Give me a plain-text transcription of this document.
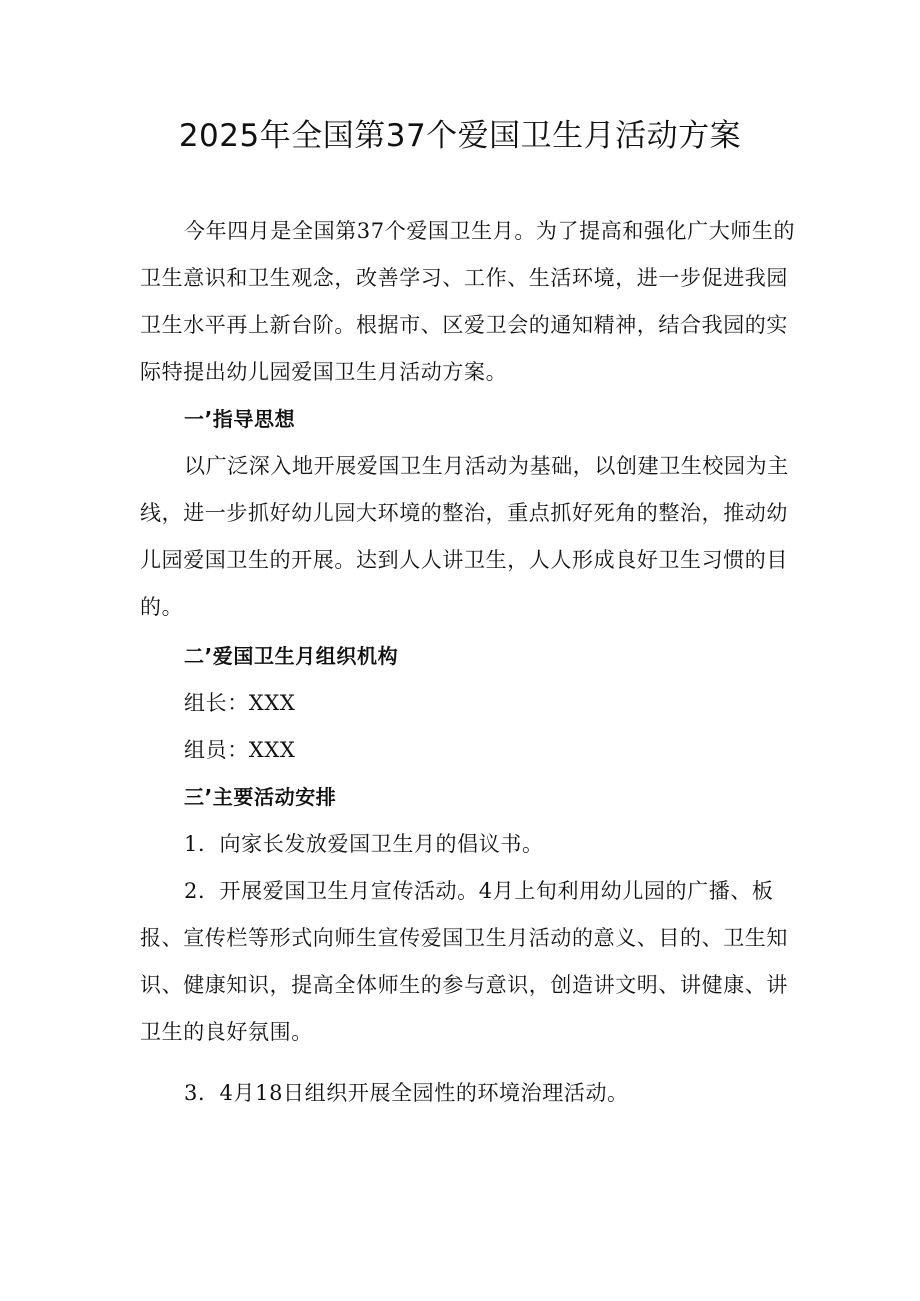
2025年全国第37个爱国卫生月活动方案

今年四月是全国第37个爱国卫生月。为了提高和强化广大师生的卫生意识和卫生观念，改善学习、工作、生活环境，进一步促进我园卫生水平再上新台阶。根据市、区爱卫会的通知精神，结合我园的实际特提出幼儿园爱国卫生月活动方案。

一’指导思想

以广泛深入地开展爱国卫生月活动为基础，以创建卫生校园为主线，进一步抓好幼儿园大环境的整治，重点抓好死角的整治，推动幼儿园爱国卫生的开展。达到人人讲卫生，人人形成良好卫生习惯的目的。

二’爱国卫生月组织机构

组长：XXX

组员：XXX

三’主要活动安排

1．向家长发放爱国卫生月的倡议书。

2．开展爱国卫生月宣传活动。4月上旬利用幼儿园的广播、板报、宣传栏等形式向师生宣传爱国卫生月活动的意义、目的、卫生知识、健康知识，提高全体师生的参与意识，创造讲文明、讲健康、讲卫生的良好氛围。

3．4月18日组织开展全园性的环境治理活动。
